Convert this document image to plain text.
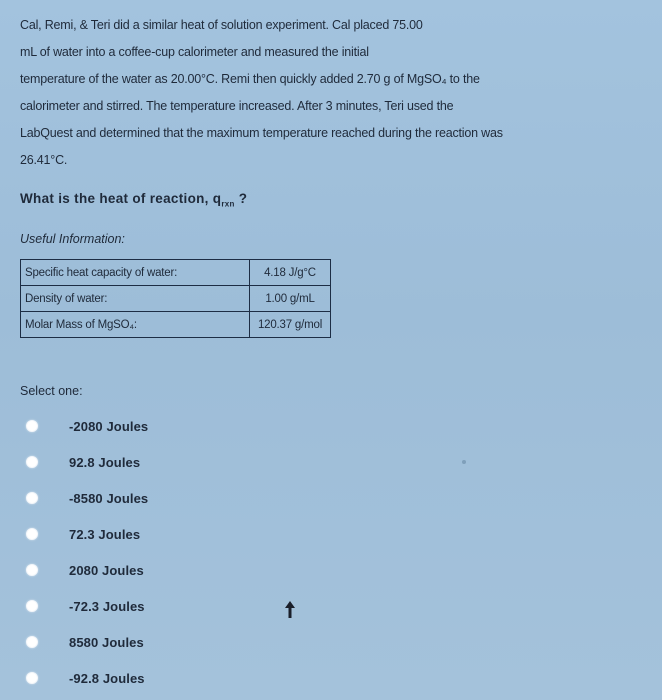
Cal, Remi, & Teri did a similar heat of solution experiment. Cal placed 75.00

mL of water into a coffee-cup calorimeter and measured the initial

temperature of the water as 20.00°C. Remi then quickly added 2.70 g of MgSO₄ to the

calorimeter and stirred. The temperature increased. After 3 minutes, Teri used the

LabQuest and determined that the maximum temperature reached during the reaction was

26.41°C.

What is the heat of reaction, $q_{rxn}$ ?
Useful Information:
Specific heat capacity of water:	4.18 J/g°C
Density of water:	1.00 g/mL
Molar Mass of MgSO₄:	120.37 g/mol
Select one:
-2080 Joules
92.8 Joules
-8580 Joules
72.3 Joules
2080 Joules
-72.3 Joules
8580 Joules
-92.8 Joules
